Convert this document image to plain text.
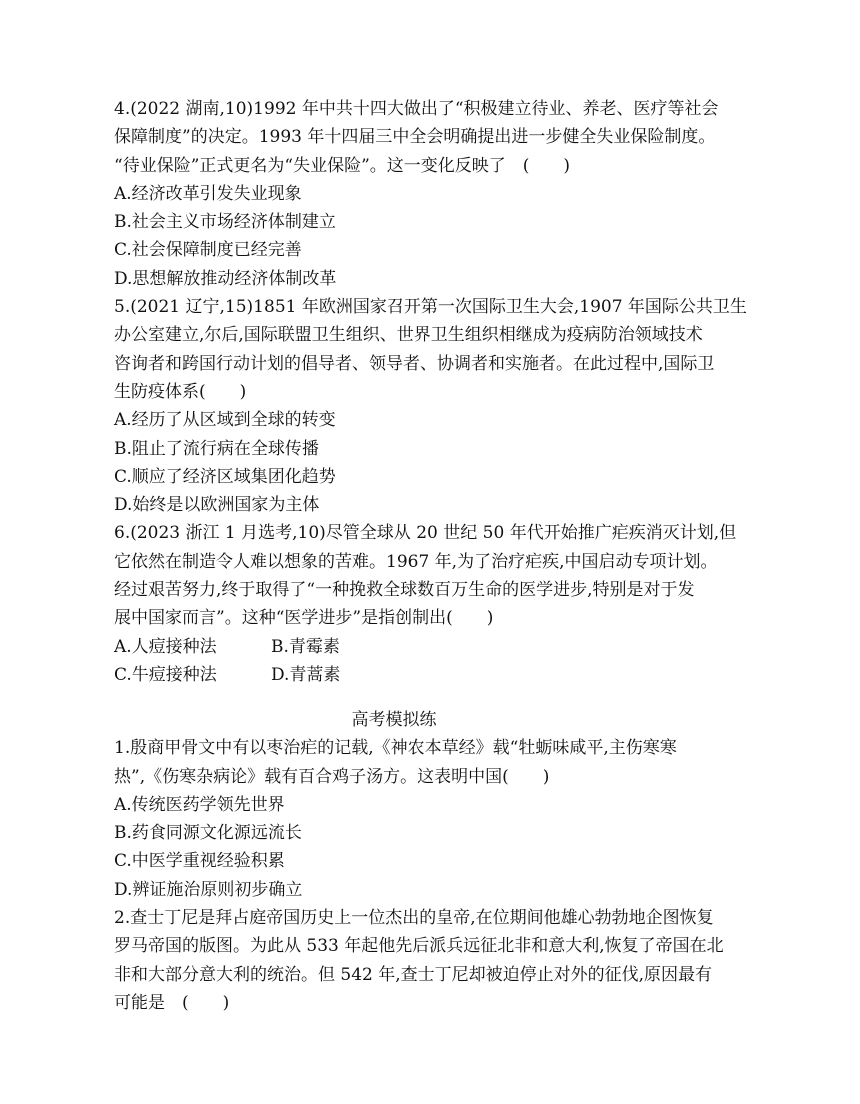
4.(2022 湖南,10)1992 年中共十四大做出了“积极建立待业、养老、医疗等社会
保障制度”的决定。1993 年十四届三中全会明确提出进一步健全失业保险制度。
“待业保险”正式更名为“失业保险”。这一变化反映了　(　　)
A.经济改革引发失业现象
B.社会主义市场经济体制建立
C.社会保障制度已经完善
D.思想解放推动经济体制改革
5.(2021 辽宁,15)1851 年欧洲国家召开第一次国际卫生大会,1907 年国际公共卫生
办公室建立,尔后,国际联盟卫生组织、世界卫生组织相继成为疫病防治领域技术
咨询者和跨国行动计划的倡导者、领导者、协调者和实施者。在此过程中,国际卫
生防疫体系(　　)
A.经历了从区域到全球的转变
B.阻止了流行病在全球传播
C.顺应了经济区域集团化趋势
D.始终是以欧洲国家为主体
6.(2023 浙江 1 月选考,10)尽管全球从 20 世纪 50 年代开始推广疟疾消灭计划,但
它依然在制造令人难以想象的苦难。1967 年,为了治疗疟疾,中国启动专项计划。
经过艰苦努力,终于取得了“一种挽救全球数百万生命的医学进步,特别是对于发
展中国家而言”。这种“医学进步”是指创制出(　　)
A.人痘接种法	B.青霉素
C.牛痘接种法	D.青蒿素
高考模拟练
1.殷商甲骨文中有以枣治疟的记载,《神农本草经》载“牡蛎味咸平,主伤寒寒
热”,《伤寒杂病论》载有百合鸡子汤方。这表明中国(　　)
A.传统医药学领先世界
B.药食同源文化源远流长
C.中医学重视经验积累
D.辨证施治原则初步确立
2.查士丁尼是拜占庭帝国历史上一位杰出的皇帝,在位期间他雄心勃勃地企图恢复
罗马帝国的版图。为此从 533 年起他先后派兵远征北非和意大利,恢复了帝国在北
非和大部分意大利的统治。但 542 年,查士丁尼却被迫停止对外的征伐,原因最有
可能是　(　　)
